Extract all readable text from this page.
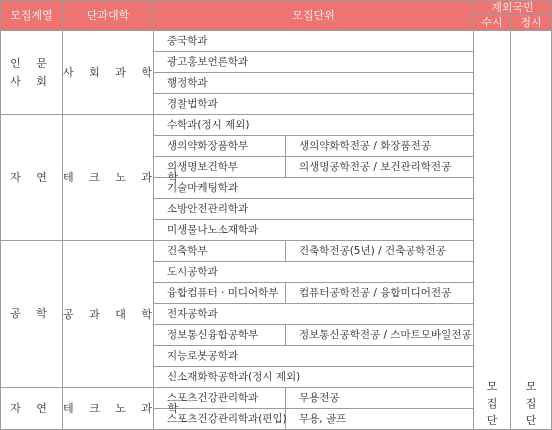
모집계열	단과대학	모집단위		재외국민	
				수시	정시
인 문 사 회	사 회 과 학	중국학과		모집단	모집단
		광고홍보언론학과			
		행정학과			
		경찰법학과			
자 연	테 크 노 과 학	수학과(정시 제외)			
		생의약화장품학부	생의약화학전공 / 화장품전공		
		의생명보건학부	의생명공학전공 / 보건관리학전공		
		기술마케팅학과			
		소방안전관리학과			
		미생물나노소재학과			
공 학	공 과 대 학	건축학부	건축학전공(5년) / 건축공학전공		
		도시공학과			
		융합컴퓨터 · 미디어학부	컴퓨터공학전공 / 융합미디어전공		
		전자공학과			
		정보통신융합공학부	정보통신공학전공 / 스마트모바일전공		
		지능로봇공학과			
		신소재화학공학과(정시 제외)			
자 연	테 크 노 과 학	스포츠건강관리학과	무용전공		
		스포츠건강관리학과(편입)	무용, 골프		
